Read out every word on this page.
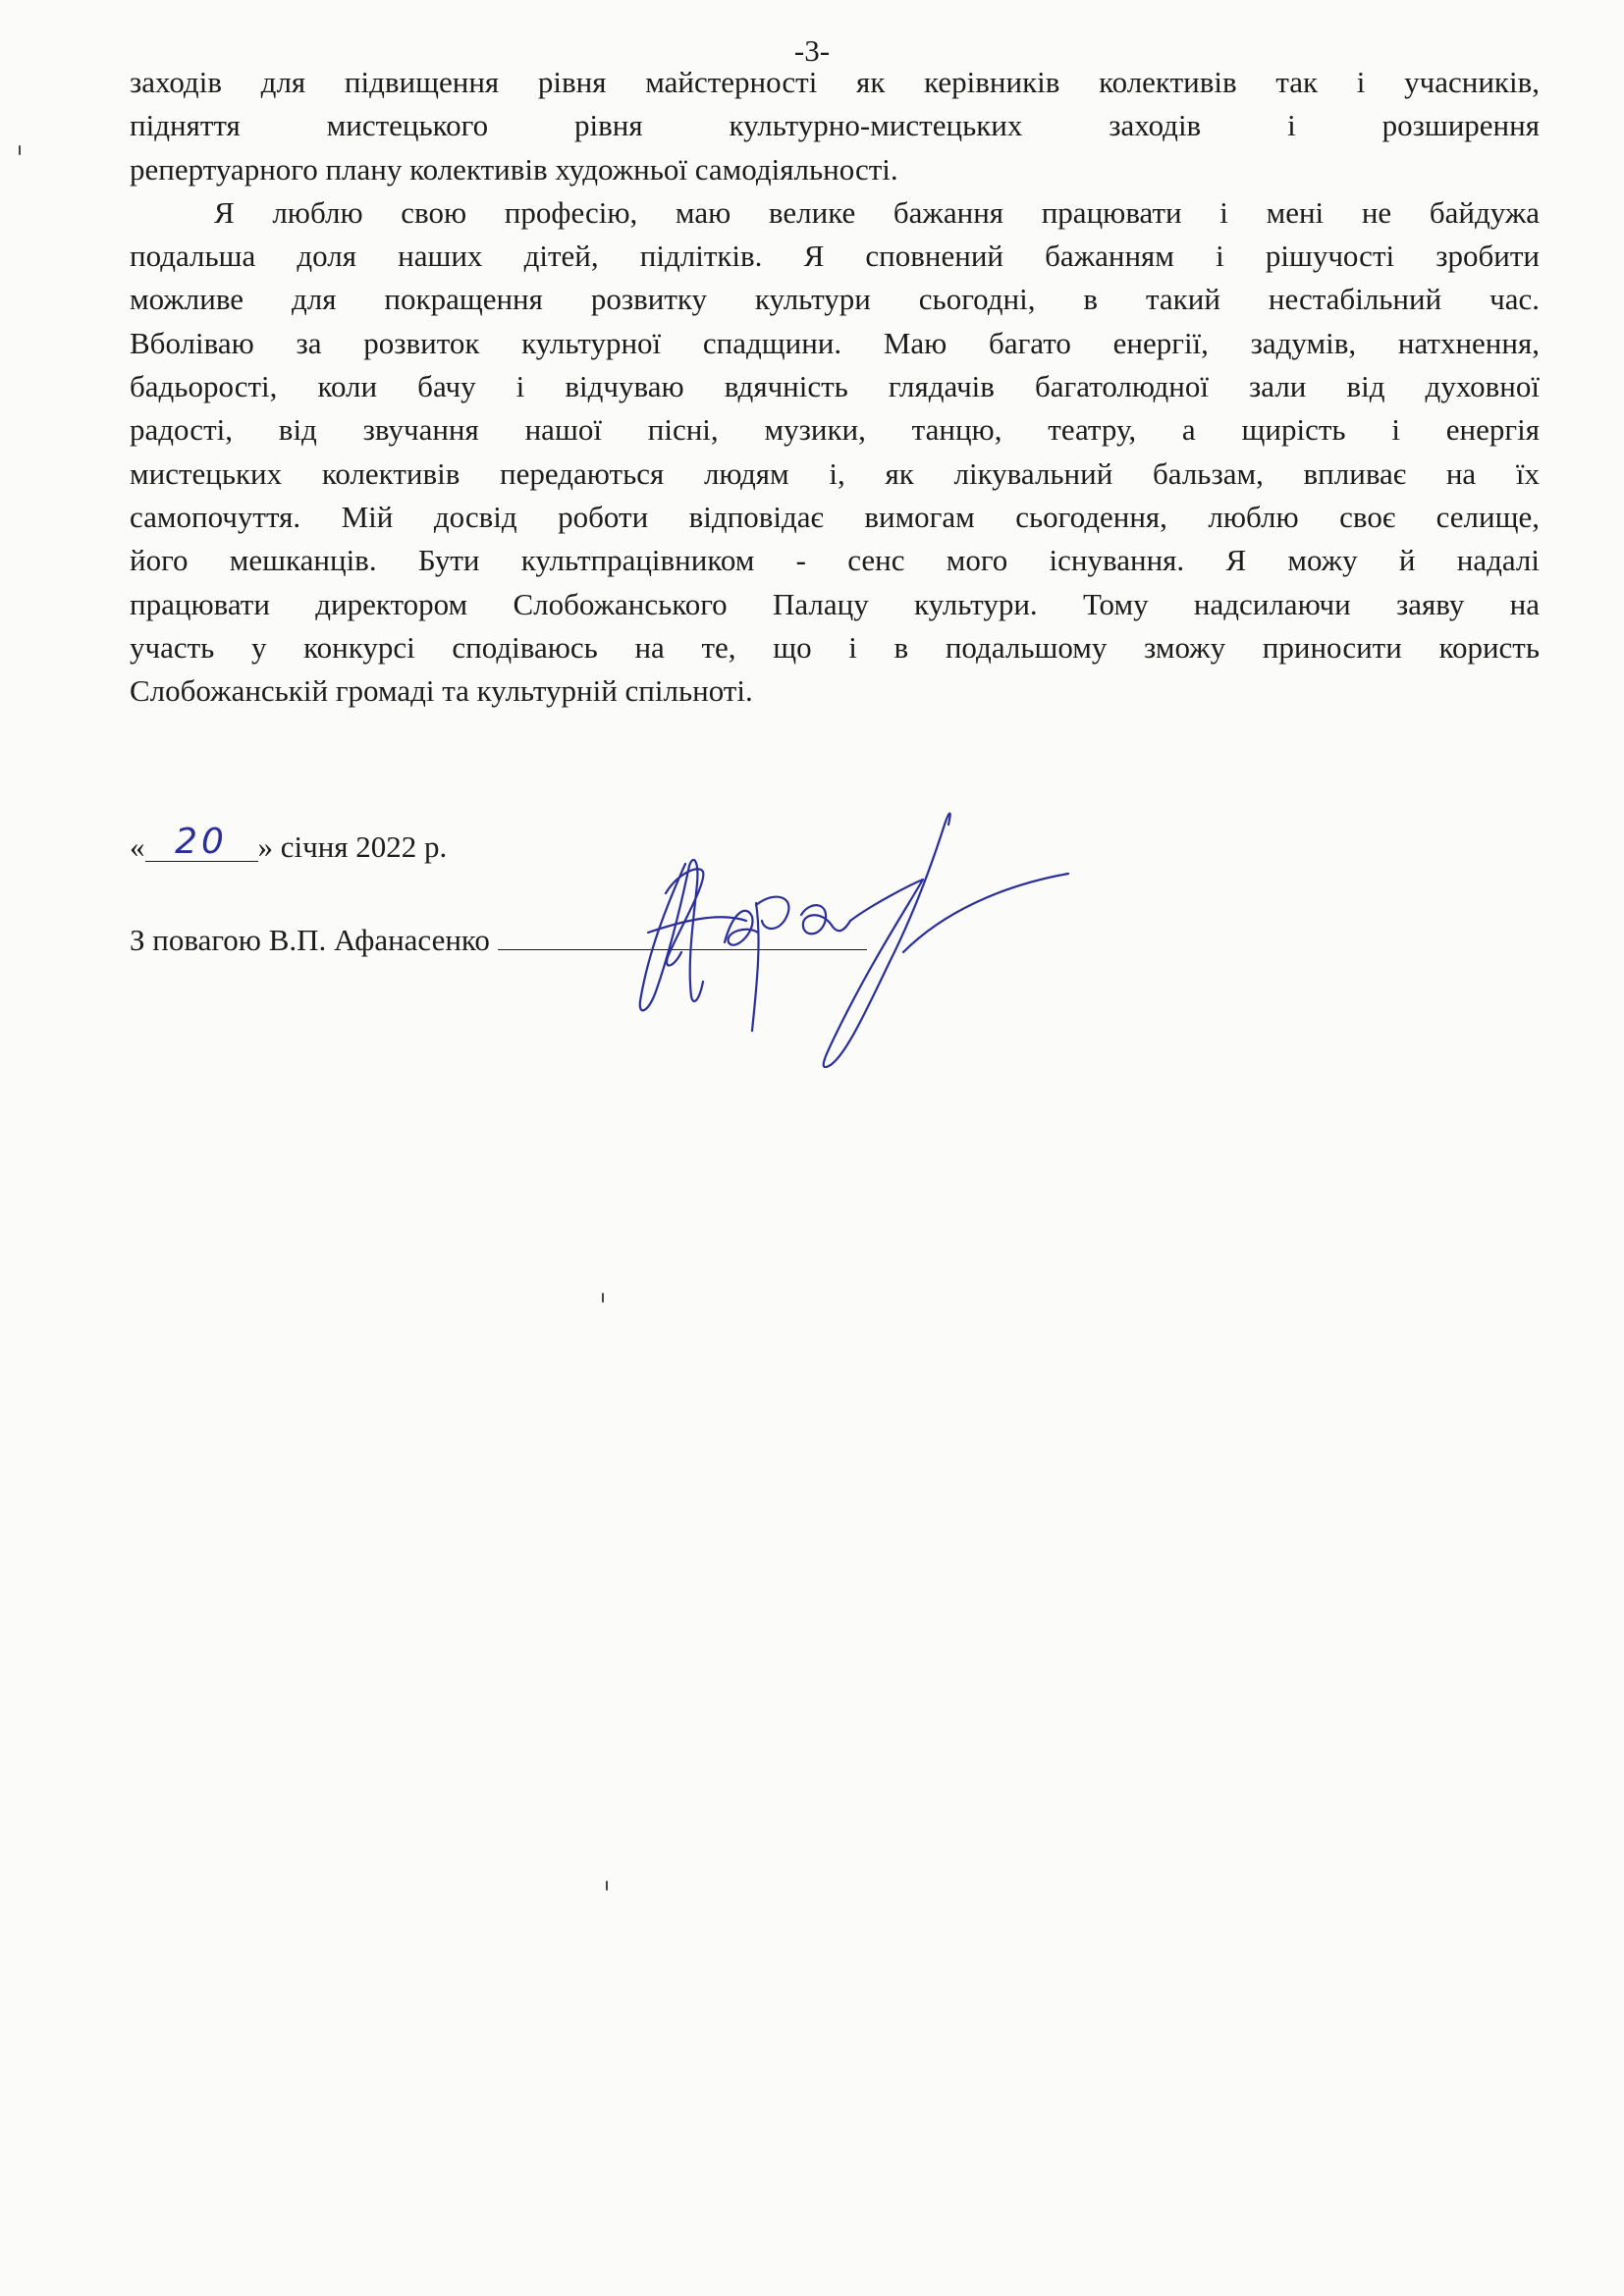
-3-

заходів для підвищення рівня майстерності як керівників колективів так і учасників,
підняття мистецького рівня культурно-мистецьких заходів і розширення
репертуарного плану колективів художньої самодіяльності.

Я люблю свою професію, маю велике бажання працювати і мені не байдужа
подальша доля наших дітей, підлітків. Я сповнений бажанням і рішучості зробити
можливе для покращення розвитку культури сьогодні, в такий нестабільний час.
Вболіваю за розвиток культурної спадщини. Маю багато енергії, задумів, натхнення,
бадьорості, коли бачу і відчуваю вдячність глядачів багатолюдної зали від духовної
радості, від звучання нашої пісні, музики, танцю, театру, а щирість і енергія
мистецьких колективів передаються людям і, як лікувальний бальзам, впливає на їх
самопочуття. Мій досвід роботи відповідає вимогам сьогодення, люблю своє селище,
його мешканців. Бути культпрацівником - сенс мого існування. Я можу й надалі
працювати директором Слобожанського Палацу культури. Тому надсилаючи заяву на
участь у конкурсі сподіваюсь на те, що і в подальшому зможу приносити користь
Слобожанській громаді та культурній спільноті.

« 20 » січня 2022 р.
З повагою В.П. Афанасенко
